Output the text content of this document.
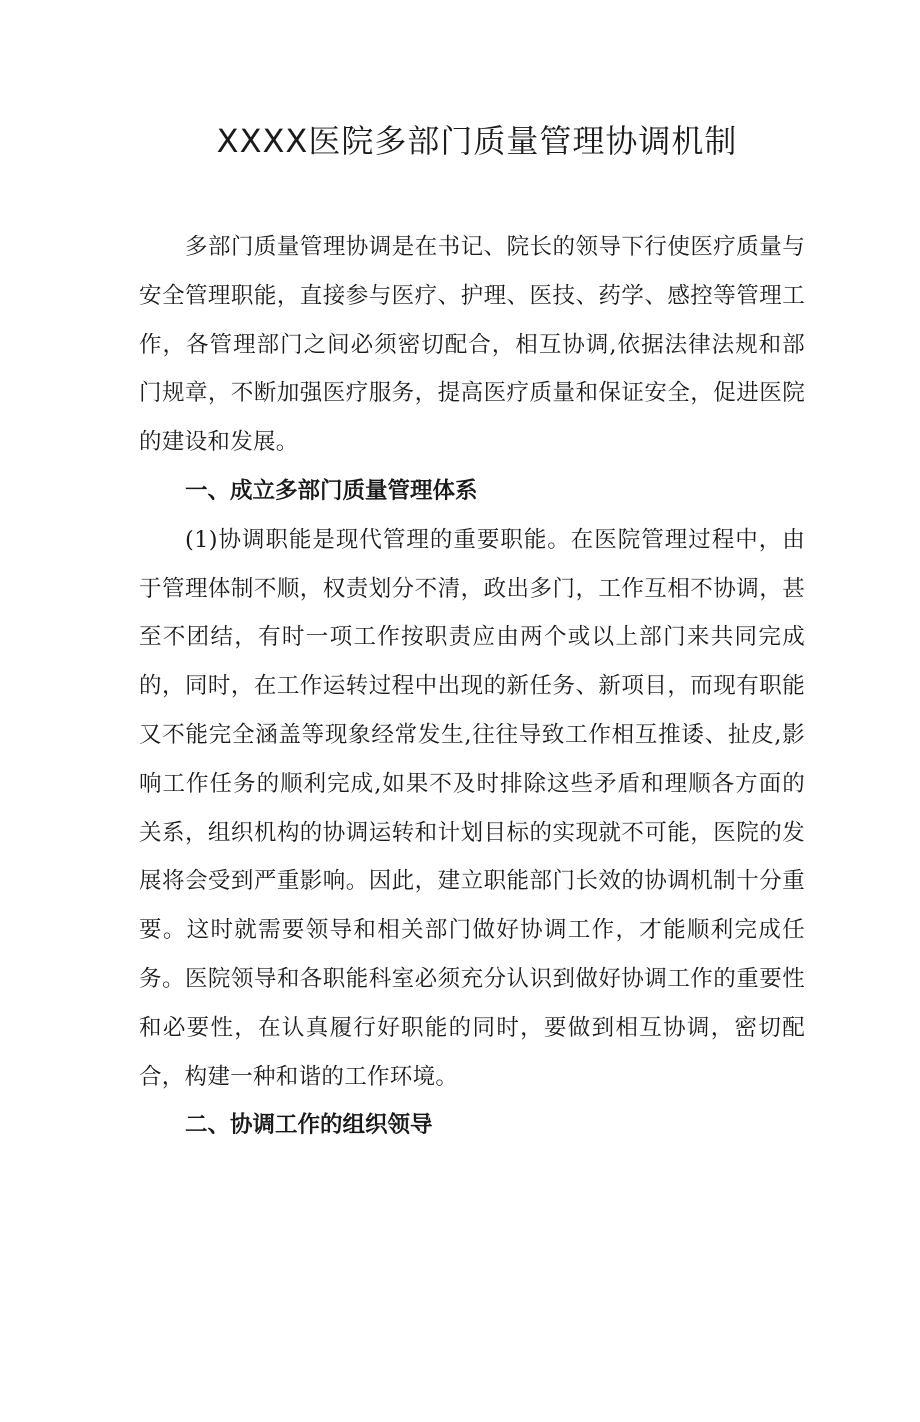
XXXX医院多部门质量管理协调机制

多部门质量管理协调是在书记、院长的领导下行使医疗质量与安全管理职能，直接参与医疗、护理、医技、药学、感控等管理工作，各管理部门之间必须密切配合，相互协调,依据法律法规和部门规章，不断加强医疗服务，提高医疗质量和保证安全，促进医院的建设和发展。

一、成立多部门质量管理体系

(1)协调职能是现代管理的重要职能。在医院管理过程中，由于管理体制不顺，权责划分不清，政出多门，工作互相不协调，甚至不团结，有时一项工作按职责应由两个或以上部门来共同完成的，同时，在工作运转过程中出现的新任务、新项目，而现有职能又不能完全涵盖等现象经常发生,往往导致工作相互推诿、扯皮,影响工作任务的顺利完成,如果不及时排除这些矛盾和理顺各方面的关系，组织机构的协调运转和计划目标的实现就不可能，医院的发展将会受到严重影响。因此，建立职能部门长效的协调机制十分重要。这时就需要领导和相关部门做好协调工作，才能顺利完成任务。医院领导和各职能科室必须充分认识到做好协调工作的重要性和必要性，在认真履行好职能的同时，要做到相互协调，密切配合，构建一种和谐的工作环境。

二、协调工作的组织领导
